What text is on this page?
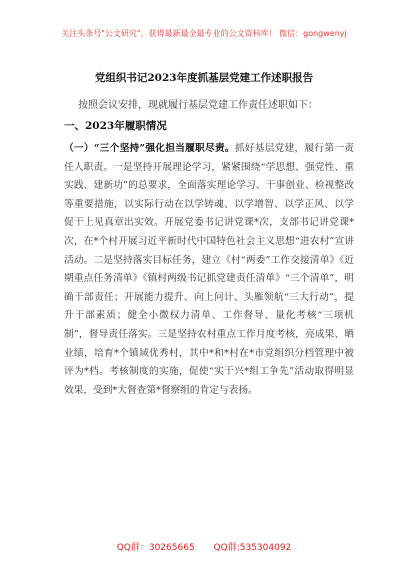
关注头条号"公文研究"，获得最新最全最专业的公文资料库！ 微信：gongwenyj
党组织书记2023年度抓基层党建工作述职报告
按照会议安排，现就履行基层党建工作责任述职如下：
一、2023年履职情况

（一）“三个坚持”强化担当履职尽责。抓好基层党建，履行第一责任人职责。一是坚持开展理论学习，紧紧围绕“学思想、强党性、重实践、建新功”的总要求，全面落实理论学习、干事创业、检视整改等重要措施，以实际行动在以学铸魂、以学增智、以学正风、以学促干上见真章出实效。开展党委书记讲党课*次，支部书记讲党课*次，在*个村开展习近平新时代中国特色社会主义思想“进农村”宣讲活动。二是坚持落实目标任务，建立《村“两委”工作交接清单》《近期重点任务清单》《镇村两级书记抓党建责任清单》“三个清单”，明确干部责任；开展能力提升、向上问计、头雁领航“三大行动”，提升干部素质；健全小微权力清单、工作督导、量化考核“三项机制”，督导责任落实。三是坚持农村重点工作月度考核，亮成果、晒业绩，培育*个镇域优秀村，其中*和*村在*市党组织分档管理中被评为*档。考核制度的实施，促使“实干兴*组工争先”活动取得明显效果，受到*大督查第*督察组的肯定与表扬。

QQ群：30265665 QQ群:535304092
